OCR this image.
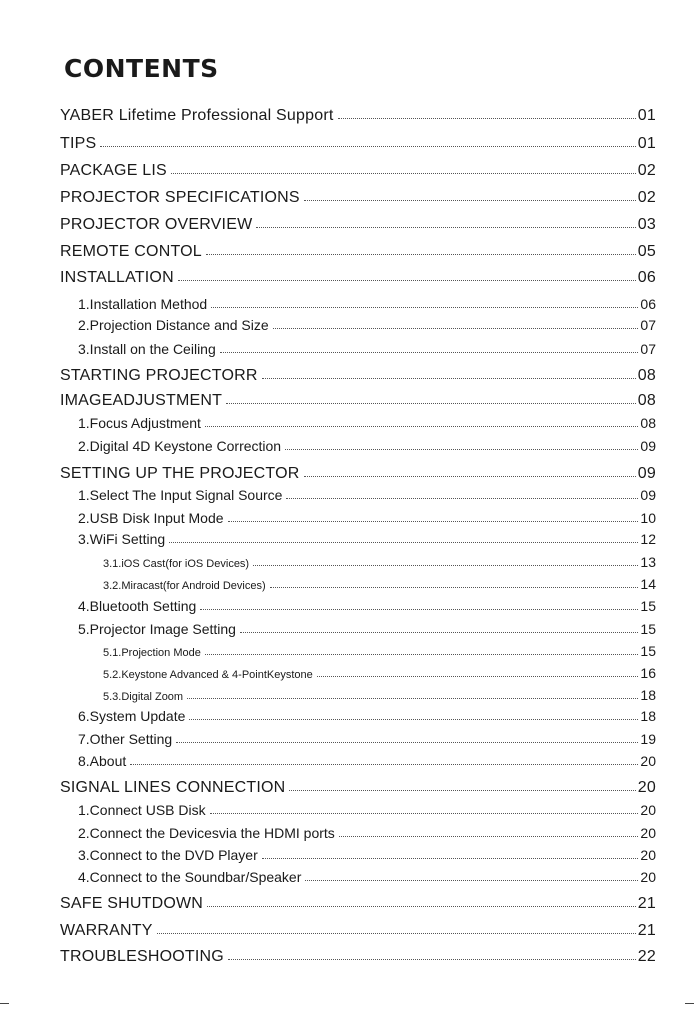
CONTENTS
YABER Lifetime Professional Support	01
TIPS	01
PACKAGE LIS	02
PROJECTOR SPECIFICATIONS	02
PROJECTOR OVERVIEW	03
REMOTE CONTOL	05
INSTALLATION	06
1.Installation Method	06
2.Projection Distance and Size	07
3.Install on the Ceiling	07
STARTING PROJECTORR	08
IMAGEADJUSTMENT	08
1.Focus Adjustment	08
2.Digital 4D Keystone Correction	09
SETTING UP THE PROJECTOR	09
1.Select The Input Signal Source	09
2.USB Disk Input Mode	10
3.WiFi Setting	12
3.1.iOS Cast(for iOS Devices)	13
3.2.Miracast(for Android Devices)	14
4.Bluetooth Setting	15
5.Projector Image Setting	15
5.1.Projection Mode	15
5.2.Keystone Advanced & 4-PointKeystone	16
5.3.Digital Zoom	18
6.System Update	18
7.Other Setting	19
8.About	20
SIGNAL LINES CONNECTION	20
1.Connect USB Disk	20
2.Connect the Devicesvia the HDMI ports	20
3.Connect to the DVD Player	20
4.Connect to the Soundbar/Speaker	20
SAFE SHUTDOWN	21
WARRANTY	21
TROUBLESHOOTING	22
